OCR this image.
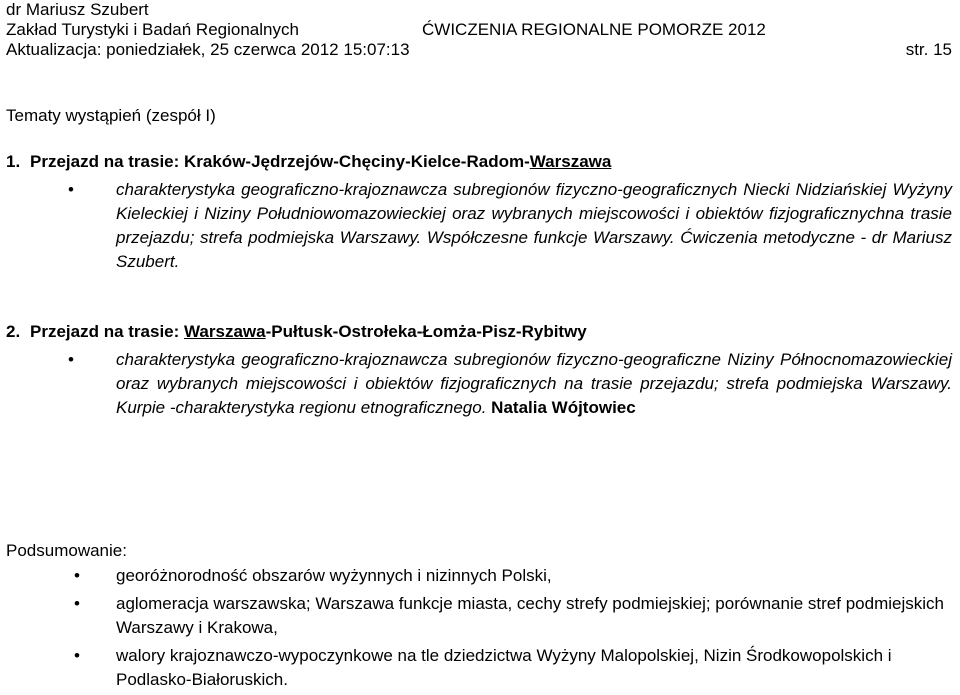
dr Mariusz Szubert
Zakład Turystyki i Badań Regionalnych	ĆWICZENIA REGIONALNE POMORZE 2012
Aktualizacja: poniedziałek, 25 czerwca 2012 15:07:13	str. 15
Tematy wystąpień (zespół I)
1. Przejazd na trasie: Kraków-Jędrzejów-Chęciny-Kielce-Radom-Warszawa
• charakterystyka geograficzno-krajoznawcza subregionów fizyczno-geograficznych Niecki Nidziańskiej Wyżyny Kieleckiej i Niziny Południowomazowieckiej oraz wybranych miejscowości i obiektów fizjograficznychna trasie przejazdu; strefa podmiejska Warszawy. Współczesne funkcje Warszawy. Ćwiczenia metodyczne - dr Mariusz Szubert.
2. Przejazd na trasie: Warszawa-Pułtusk-Ostrołeka-Łomża-Pisz-Rybitwy
• charakterystyka geograficzno-krajoznawcza subregionów fizyczno-geograficzne Niziny Północnomazowieckiej oraz wybranych miejscowości i obiektów fizjograficznych na trasie przejazdu; strefa podmiejska Warszawy. Kurpie -charakterystyka regionu etnograficznego. Natalia Wójtowiec
Podsumowanie:
• georóżnorodność obszarów wyżynnych i nizinnych Polski,
• aglomeracja warszawska; Warszawa funkcje miasta, cechy strefy podmiejskiej; porównanie stref podmiejskich Warszawy i Krakowa,
• walory krajoznawczo-wypoczynkowe na tle dziedzictwa Wyżyny Malopolskiej, Nizin Środkowopolskich i Podlasko-Białoruskich.
